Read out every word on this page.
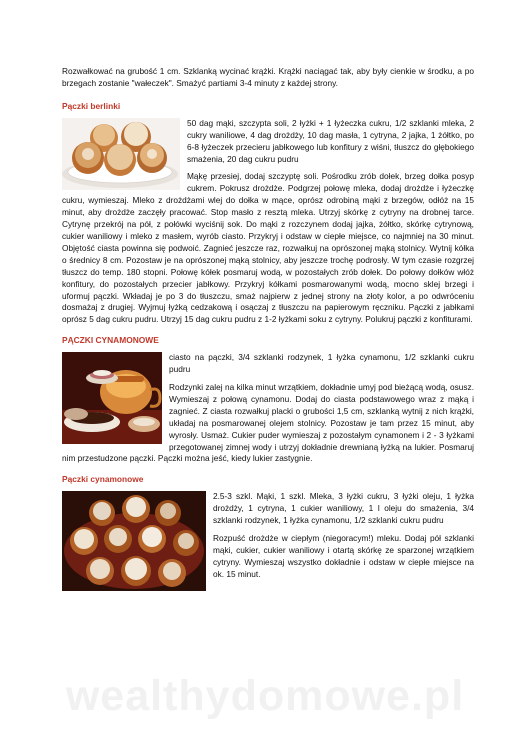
Rozwałkować na grubość 1 cm. Szklanką wycinać krążki. Krążki naciągać tak, aby były cienkie w środku, a po brzegach zostanie "wałeczek". Smażyć partiami 3-4 minuty z każdej strony.

Pączki berlinki

50 dag mąki, szczypta soli, 2 łyżki + 1 łyżeczka cukru, 1/2 szklanki mleka, 2 cukry waniliowe, 4 dag drożdży, 10 dag masła, 1 cytryna, 2 jajka, 1 żółtko, po 6-8 łyżeczek przecieru jabłkowego lub konfitury z wiśni, tłuszcz do głębokiego smażenia, 20 dag cukru pudru

Mąkę przesiej, dodaj szczyptę soli. Pośrodku zrób dołek, brzeg dołka posyp cukrem. Pokrusz drożdże. Podgrzej połowę mleka, dodaj drożdże i łyżeczkę cukru, wymieszaj. Mleko z drożdżami wlej do dołka w mące, oprósz odrobiną mąki z brzegów, odłóż na 15 minut, aby drożdże zaczęły pracować. Stop masło z resztą mleka. Utrzyj skórkę z cytryny na drobnej tarce. Cytrynę przekrój na pół, z połówki wyciśnij sok. Do mąki z rozczynem dodaj jajka, żółtko, skórkę cytrynową, cukier waniliowy i mleko z masłem, wyrób ciasto. Przykryj i odstaw w ciepłe miejsce, co najmniej na 30 minut. Objętość ciasta powinna się podwoić. Zagnieć jeszcze raz, rozwałkuj na oprószonej mąką stolnicy. Wytnij kółka o średnicy 8 cm. Pozostaw je na oprószonej mąką stolnicy, aby jeszcze trochę podrosły. W tym czasie rozgrzej tłuszcz do temp. 180 stopni. Połowę kółek posmaruj wodą, w pozostałych zrób dołek. Do połowy dołków włóż konfitury, do pozostałych przecier jabłkowy. Przykryj kółkami posmarowanymi wodą, mocno sklej brzegi i uformuj pączki. Wkładaj je po 3 do tłuszczu, smaż najpierw z jednej strony na złoty kolor, a po odwróceniu dosmażaj z drugiej. Wyjmuj łyżką cedzakową i osączaj z tłuszczu na papierowym ręczniku. Pączki z jabłkami oprósz 5 dag cukru pudru. Utrzyj 15 dag cukru pudru z 1-2 łyżkami soku z cytryny. Polukruj pączki z konfiturami.

PĄCZKI CYNAMONOWE

ciasto na pączki, 3/4 szklanki rodzynek, 1 łyżka cynamonu, 1/2 szklanki cukru pudru

Rodzynki zalej na kilka minut wrzątkiem, dokładnie umyj pod bieżącą wodą, osusz. Wymieszaj z połową cynamonu. Dodaj do ciasta podstawowego wraz z mąką i zagnieć. Z ciasta rozwałkuj placki o grubości 1,5 cm, szklanką wytnij z nich krążki, układaj na posmarowanej olejem stolnicy. Pozostaw je tam przez 15 minut, aby wyrosły. Usmaż. Cukier puder wymieszaj z pozostałym cynamonem i 2 - 3 łyżkami przegotowanej zimnej wody i utrzyj dokładnie drewnianą łyżką na lukier. Posmaruj nim przestudzone pączki. Pączki można jeść, kiedy lukier zastygnie.

Pączki cynamonowe

2.5-3 szkl. Mąki, 1 szkl. Mleka, 3 łyżki cukru, 3 łyżki oleju, 1 łyżka drożdży, 1 cytryna, 1 cukier waniliowy, 1 l oleju do smażenia, 3/4 szklanki rodzynek, 1 łyżka cynamonu, 1/2 szklanki cukru pudru

Rozpuść drożdże w ciepłym (niegoracym!) mleku. Dodaj pół szklanki mąki, cukier, cukier waniliowy i otartą skórkę ze sparzonej wrzątkiem cytryny. Wymieszaj wszystko dokładnie i odstaw w ciepłe miejsce na ok. 15 minut.

wealthydomowe.pl
